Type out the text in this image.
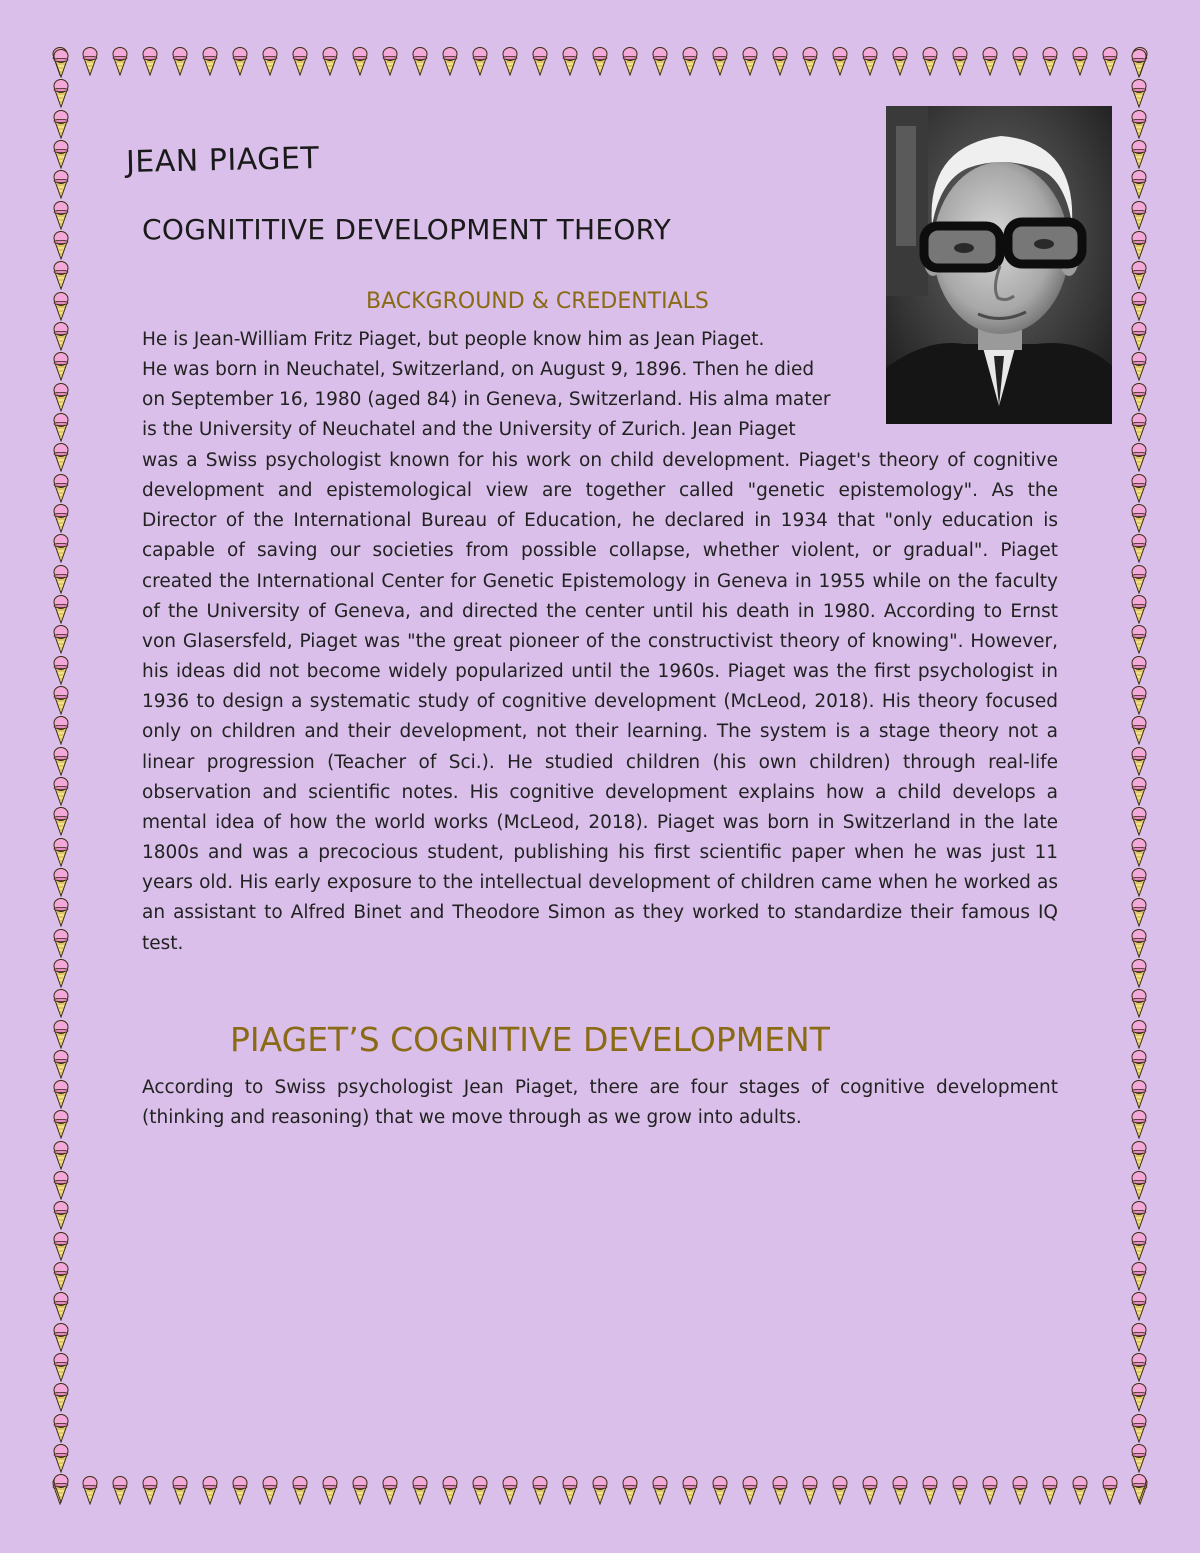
JEAN PIAGET
COGNITITIVE DEVELOPMENT THEORY
BACKGROUND & CREDENTIALS
He is Jean-William Fritz Piaget, but people know him as Jean Piaget.
He was born in Neuchatel, Switzerland, on August 9, 1896. Then he died
on September 16, 1980 (aged 84) in Geneva, Switzerland. His alma mater
is the University of Neuchatel and the University of Zurich. Jean Piaget

was a Swiss psychologist known for his work on child development. Piaget's theory of cognitive development and epistemological view are together called "genetic epistemology". As the Director of the International Bureau of Education, he declared in 1934 that "only education is capable of saving our societies from possible collapse, whether violent, or gradual". Piaget created the International Center for Genetic Epistemology in Geneva in 1955 while on the faculty of the University of Geneva, and directed the center until his death in 1980. According to Ernst von Glasersfeld, Piaget was "the great pioneer of the constructivist theory of knowing". However, his ideas did not become widely popularized until the 1960s. Piaget was the first psychologist in 1936 to design a systematic study of cognitive development (McLeod, 2018). His theory focused only on children and their development, not their learning. The system is a stage theory not a linear progression (Teacher of Sci.). He studied children (his own children) through real-life observation and scientific notes. His cognitive development explains how a child develops a mental idea of how the world works (McLeod, 2018). Piaget was born in Switzerland in the late 1800s and was a precocious student, publishing his first scientific paper when he was just 11 years old. His early exposure to the intellectual development of children came when he worked as an assistant to Alfred Binet and Theodore Simon as they worked to standardize their famous IQ test.

PIAGET’S COGNITIVE DEVELOPMENT

According to Swiss psychologist Jean Piaget, there are four stages of cognitive development (thinking and reasoning) that we move through as we grow into adults.
